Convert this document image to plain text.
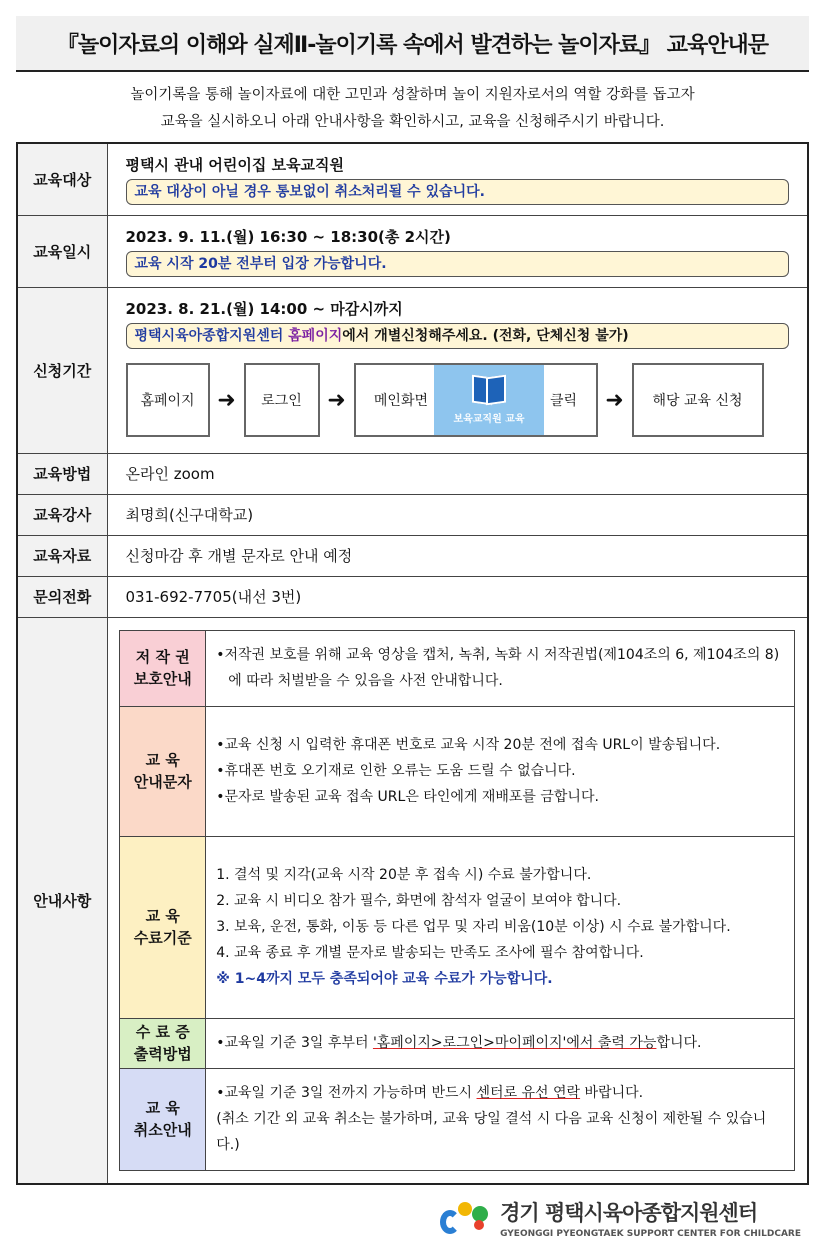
『놀이자료의 이해와 실제Ⅱ-놀이기록 속에서 발견하는 놀이자료』 교육안내문
놀이기록을 통해 놀이자료에 대한 고민과 성찰하며 놀이 지원자로서의 역할 강화를 돕고자
교육을 실시하오니 아래 안내사항을 확인하시고, 교육을 신청해주시기 바랍니다.
교육대상	
평택시 관내 어린이집 보육교직원
교육 대상이 아닐 경우 통보없이 취소처리될 수 있습니다.

교육일시	
2023. 9. 11.(월) 16:30 ~ 18:30(총 2시간)
교육 시작 20분 전부터 입장 가능합니다.

신청기간	
2023. 8. 21.(월) 14:00 ~ 마감시까지
평택시육아종합지원센터 홈페이지에서 개별신청해주세요. (전화, 단체신청 불가)
홈페이지	➜	로그인	➜	메인화면
보육교직원 교육
클릭	➜	해당 교육 신청

교육방법	온라인 zoom
교육강사	최명희(신구대학교)
교육자료	신청마감 후 개별 문자로 안내 예정
문의전화	031-692-7705(내선 3번)
안내사항	
저 작 권
보호안내

•저작권 보호를 위해 교육 영상을 캡처, 녹취, 녹화 시 저작권법(제104조의 6, 제104조의 8)에 따라 처벌받을 수 있음을 사전 안내합니다.

교 육
안내문자

•교육 신청 시 입력한 휴대폰 번호로 교육 시작 20분 전에 접속 URL이 발송됩니다.
•휴대폰 번호 오기재로 인한 오류는 도움 드릴 수 없습니다.
•문자로 발송된 교육 접속 URL은 타인에게 재배포를 금합니다.

교 육
수료기준

1. 결석 및 지각(교육 시작 20분 후 접속 시) 수료 불가합니다.
2. 교육 시 비디오 참가 필수, 화면에 참석자 얼굴이 보여야 합니다.
3. 보육, 운전, 통화, 이동 등 다른 업무 및 자리 비움(10분 이상) 시 수료 불가합니다.
4. 교육 종료 후 개별 문자로 발송되는 만족도 조사에 필수 참여합니다.
※ 1~4까지 모두 충족되어야 교육 수료가 가능합니다.

수 료 증
출력방법
	•교육일 기준 3일 후부터 '홈페이지>로그인>마이페이지'에서 출력 가능합니다.

교 육
취소안내
	•교육일 기준 3일 전까지 가능하며 반드시 센터로 유선 연락 바랍니다.
(취소 기간 외 교육 취소는 불가하며, 교육 당일 결석 시 다음 교육 신청이 제한될 수 있습니다.)
경기 평택시육아종합지원센터
GYEONGGI PYEONGTAEK SUPPORT CENTER FOR CHILDCARE
